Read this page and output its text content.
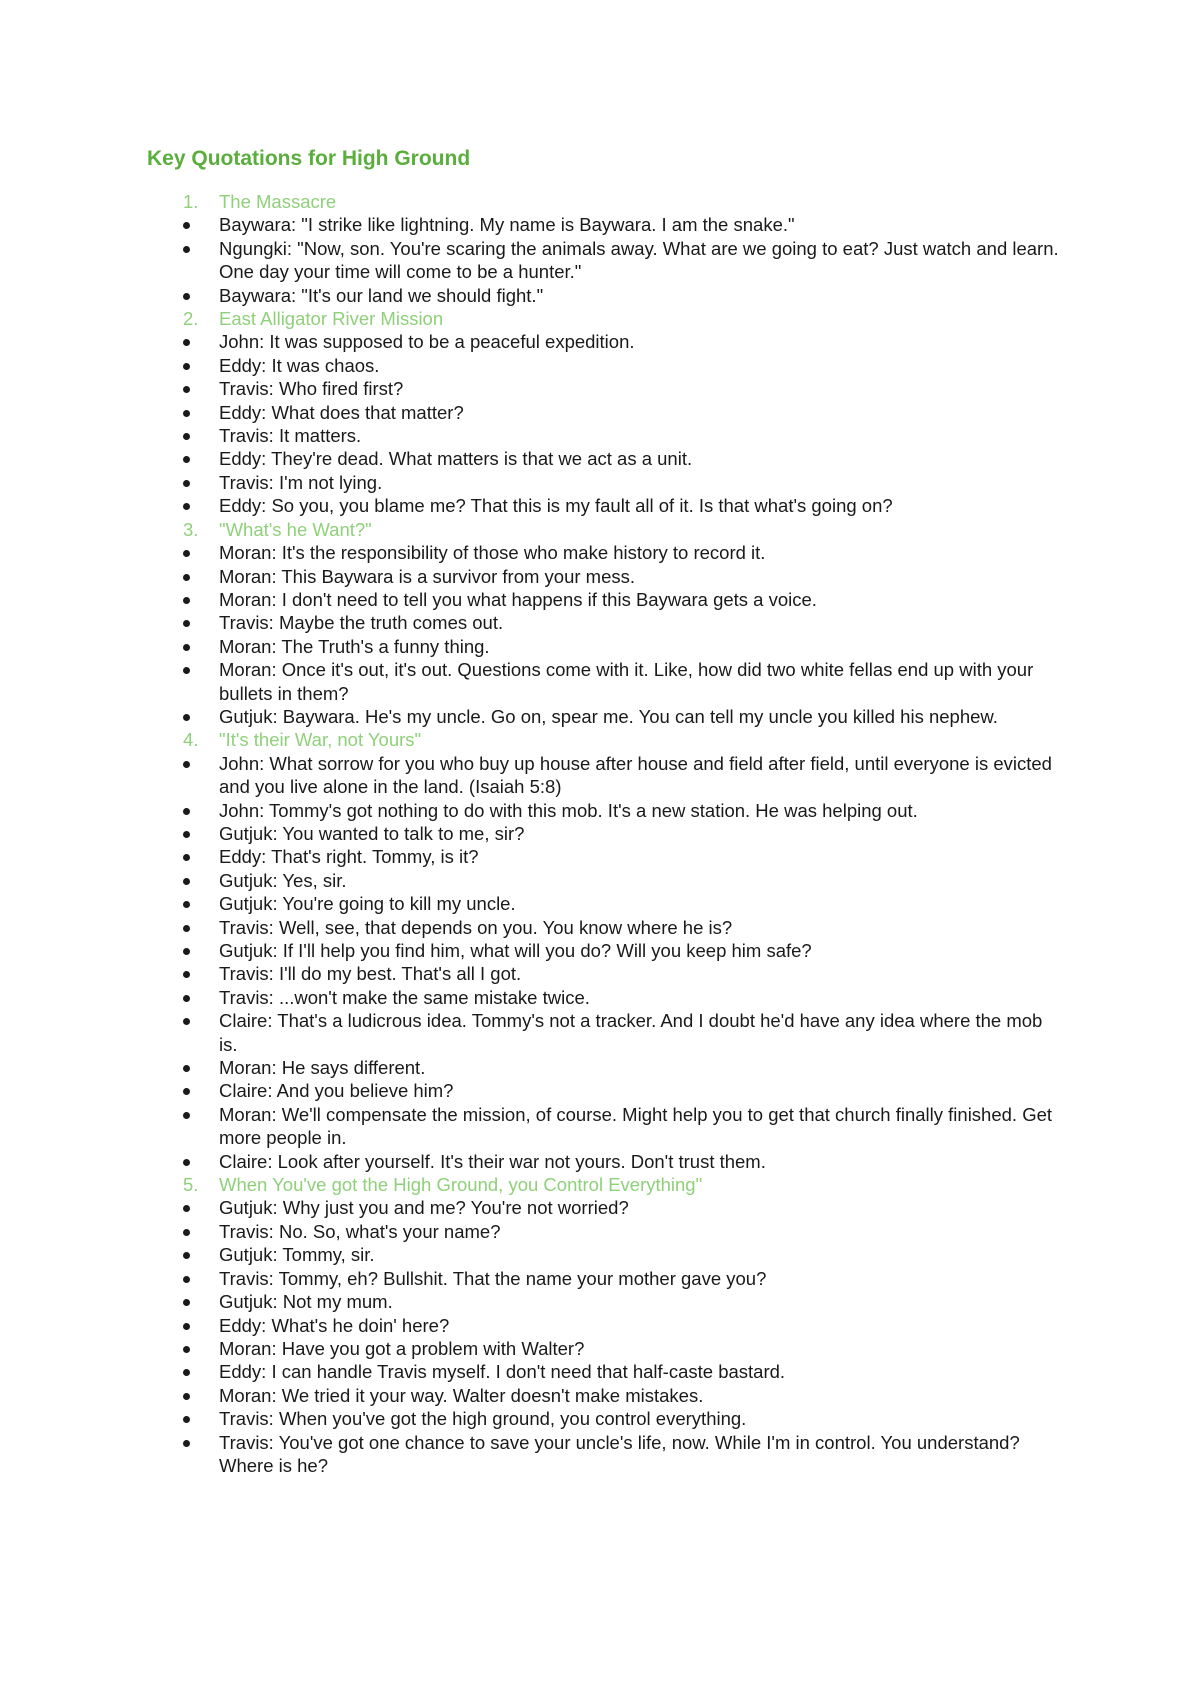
Key Quotations for High Ground
1. The Massacre
Baywara: "I strike like lightning. My name is Baywara. I am the snake."
Ngungki: "Now, son. You're scaring the animals away. What are we going to eat? Just watch and learn. One day your time will come to be a hunter."
Baywara: "It's our land we should fight."
2. East Alligator River Mission
John: It was supposed to be a peaceful expedition.
Eddy: It was chaos.
Travis: Who fired first?
Eddy: What does that matter?
Travis: It matters.
Eddy: They're dead. What matters is that we act as a unit.
Travis: I'm not lying.
Eddy: So you, you blame me? That this is my fault all of it. Is that what's going on?
3. "What's he Want?"
Moran: It's the responsibility of those who make history to record it.
Moran: This Baywara is a survivor from your mess.
Moran: I don't need to tell you what happens if this Baywara gets a voice.
Travis: Maybe the truth comes out.
Moran: The Truth's a funny thing.
Moran: Once it's out, it's out. Questions come with it. Like, how did two white fellas end up with your bullets in them?
Gutjuk: Baywara. He's my uncle. Go on, spear me. You can tell my uncle you killed his nephew.
4. "It's their War, not Yours"
John: What sorrow for you who buy up house after house and field after field, until everyone is evicted and you live alone in the land. (Isaiah 5:8)
John: Tommy's got nothing to do with this mob. It's a new station. He was helping out.
Gutjuk: You wanted to talk to me, sir?
Eddy: That's right. Tommy, is it?
Gutjuk: Yes, sir.
Gutjuk: You're going to kill my uncle.
Travis: Well, see, that depends on you. You know where he is?
Gutjuk: If I'll help you find him, what will you do? Will you keep him safe?
Travis: I'll do my best. That's all I got.
Travis: ...won't make the same mistake twice.
Claire: That's a ludicrous idea. Tommy's not a tracker. And I doubt he'd have any idea where the mob is.
Moran: He says different.
Claire: And you believe him?
Moran: We'll compensate the mission, of course. Might help you to get that church finally finished. Get more people in.
Claire: Look after yourself. It's their war not yours. Don't trust them.
5. When You've got the High Ground, you Control Everything"
Gutjuk: Why just you and me? You're not worried?
Travis: No. So, what's your name?
Gutjuk: Tommy, sir.
Travis: Tommy, eh? Bullshit. That the name your mother gave you?
Gutjuk: Not my mum.
Eddy: What's he doin' here?
Moran: Have you got a problem with Walter?
Eddy: I can handle Travis myself. I don't need that half-caste bastard.
Moran: We tried it your way. Walter doesn't make mistakes.
Travis: When you've got the high ground, you control everything.
Travis: You've got one chance to save your uncle's life, now. While I'm in control. You understand? Where is he?
